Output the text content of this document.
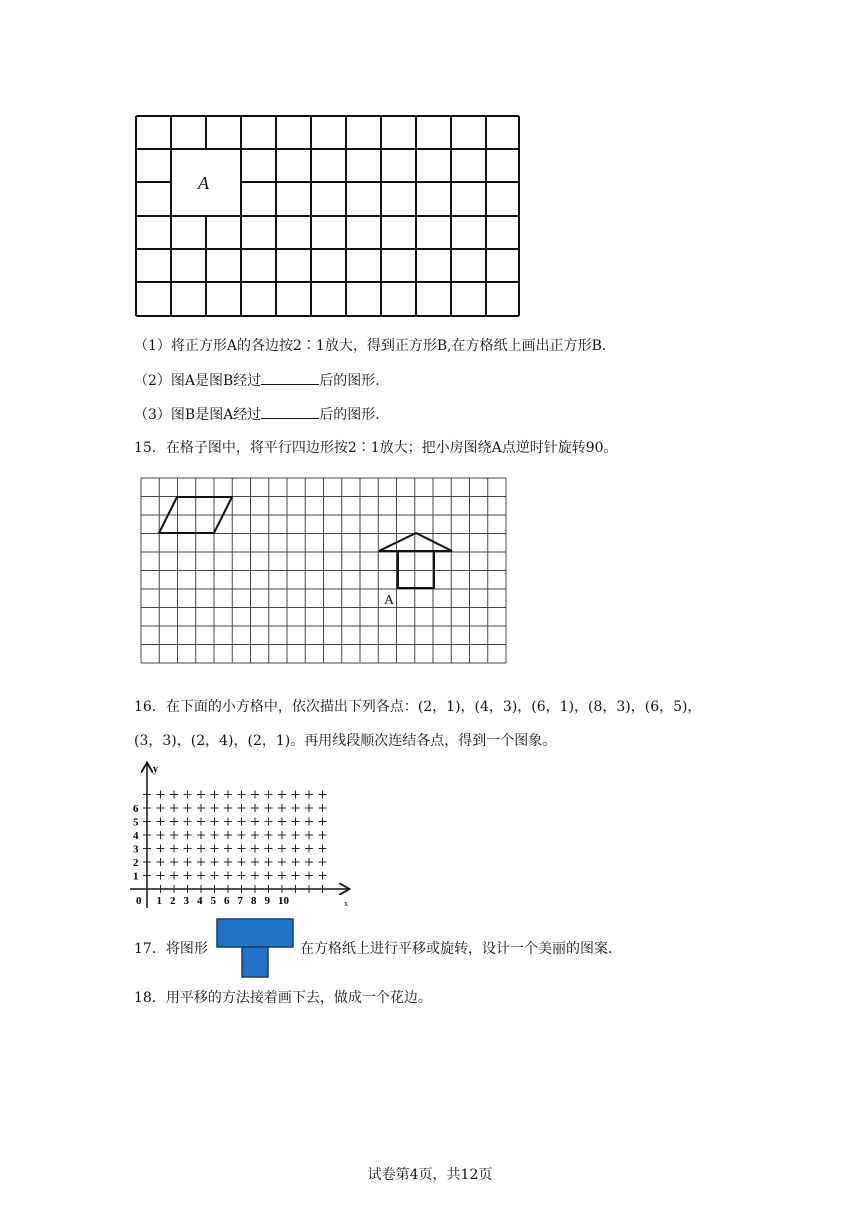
A
（1）将正方形A的各边按2∶1放大，得到正方形B,在方格纸上画出正方形B．
（2）图A是图B经过	后的图形．
（3）图B是图A经过	后的图形．
15．在格子图中，将平行四边形按2∶1放大；把小房图绕A点逆时针旋转90。
A
16．在下面的小方格中，依次描出下列各点：(2，1)，(4，3)，(6，1)，(8，3)，(6，5)，
(3，3)，(2，4)，(2，1)。再用线段顺次连结各点，得到一个图象。
y
x
0
1
2
3
4
5
6
1 2 3 4 5 6 7 8 9 10
17．将图形	在方格纸上进行平移或旋转，设计一个美丽的图案．
18．用平移的方法接着画下去，做成一个花边。
试卷第4页，共12页
